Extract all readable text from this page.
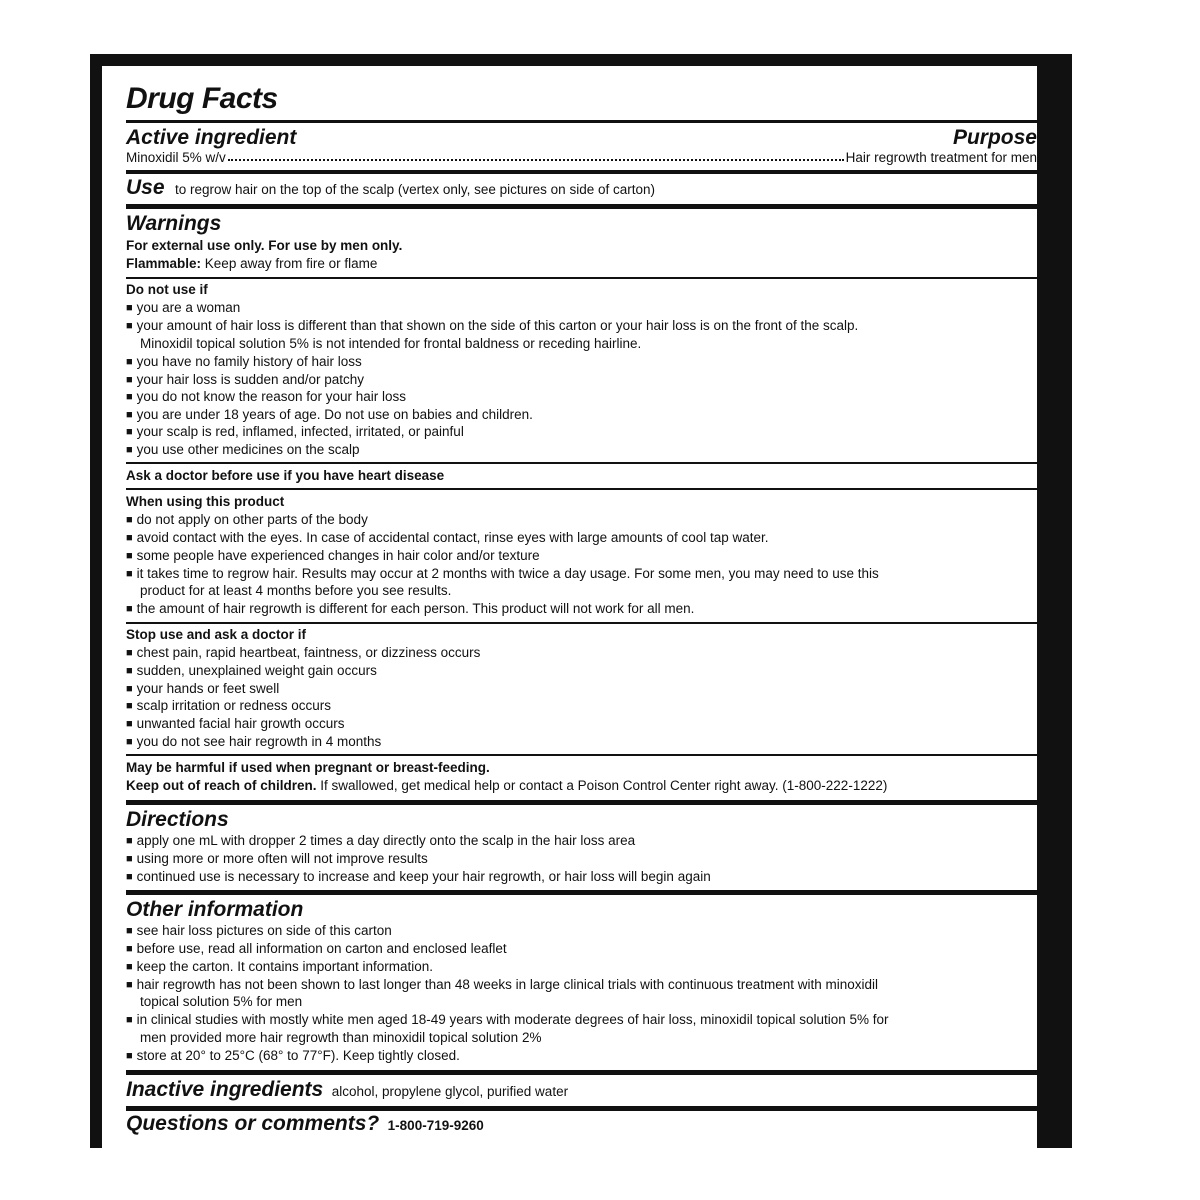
Drug Facts
Active ingredient	Purpose
Minoxidil 5% w/v	Hair regrowth treatment for men
Use to regrow hair on the top of the scalp (vertex only, see pictures on side of carton)
Warnings
For external use only. For use by men only.
Flammable: Keep away from fire or flame
Do not use if
■ you are a woman
■ your amount of hair loss is different than that shown on the side of this carton or your hair loss is on the front of the scalp.
Minoxidil topical solution 5% is not intended for frontal baldness or receding hairline.
■ you have no family history of hair loss
■ your hair loss is sudden and/or patchy
■ you do not know the reason for your hair loss
■ you are under 18 years of age. Do not use on babies and children.
■ your scalp is red, inflamed, infected, irritated, or painful
■ you use other medicines on the scalp
Ask a doctor before use if you have heart disease
When using this product
■ do not apply on other parts of the body
■ avoid contact with the eyes. In case of accidental contact, rinse eyes with large amounts of cool tap water.
■ some people have experienced changes in hair color and/or texture
■ it takes time to regrow hair. Results may occur at 2 months with twice a day usage. For some men, you may need to use this
product for at least 4 months before you see results.
■ the amount of hair regrowth is different for each person. This product will not work for all men.
Stop use and ask a doctor if
■ chest pain, rapid heartbeat, faintness, or dizziness occurs
■ sudden, unexplained weight gain occurs
■ your hands or feet swell
■ scalp irritation or redness occurs
■ unwanted facial hair growth occurs
■ you do not see hair regrowth in 4 months
May be harmful if used when pregnant or breast-feeding.
Keep out of reach of children. If swallowed, get medical help or contact a Poison Control Center right away. (1-800-222-1222)
Directions
■ apply one mL with dropper 2 times a day directly onto the scalp in the hair loss area
■ using more or more often will not improve results
■ continued use is necessary to increase and keep your hair regrowth, or hair loss will begin again
Other information
■ see hair loss pictures on side of this carton
■ before use, read all information on carton and enclosed leaflet
■ keep the carton. It contains important information.
■ hair regrowth has not been shown to last longer than 48 weeks in large clinical trials with continuous treatment with minoxidil
topical solution 5% for men
■ in clinical studies with mostly white men aged 18-49 years with moderate degrees of hair loss, minoxidil topical solution 5% for
men provided more hair regrowth than minoxidil topical solution 2%
■ store at 20° to 25°C (68° to 77°F). Keep tightly closed.
Inactive ingredients alcohol, propylene glycol, purified water
Questions or comments? 1-800-719-9260
